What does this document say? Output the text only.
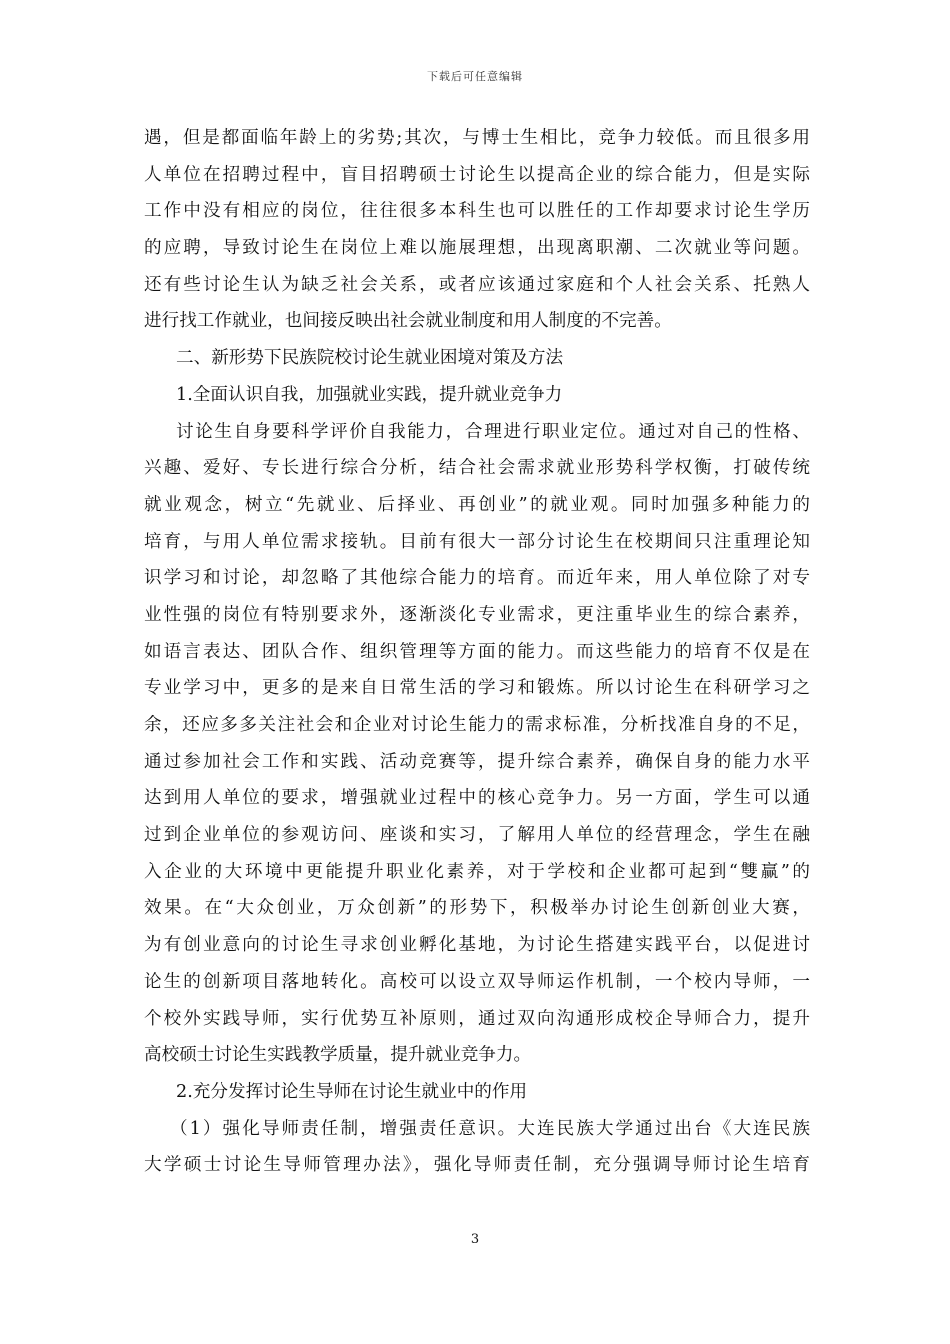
下载后可任意编辑
遇，但是都面临年龄上的劣势;其次，与博士生相比，竞争力较低。而且很多用
人单位在招聘过程中，盲目招聘硕士讨论生以提高企业的综合能力，但是实际
工作中没有相应的岗位，往往很多本科生也可以胜任的工作却要求讨论生学历
的应聘，导致讨论生在岗位上难以施展理想，出现离职潮、二次就业等问题。
还有些讨论生认为缺乏社会关系，或者应该通过家庭和个人社会关系、托熟人
进行找工作就业，也间接反映出社会就业制度和用人制度的不完善。
二、新形势下民族院校讨论生就业困境对策及方法
1.全面认识自我，加强就业实践，提升就业竞争力
讨论生自身要科学评价自我能力，合理进行职业定位。通过对自己的性格、
兴趣、爱好、专长进行综合分析，结合社会需求就业形势科学权衡，打破传统
就业观念，树立“先就业、后择业、再创业”的就业观。同时加强多种能力的
培育，与用人单位需求接轨。目前有很大一部分讨论生在校期间只注重理论知
识学习和讨论，却忽略了其他综合能力的培育。而近年来，用人单位除了对专
业性强的岗位有特别要求外，逐渐淡化专业需求，更注重毕业生的综合素养，
如语言表达、团队合作、组织管理等方面的能力。而这些能力的培育不仅是在
专业学习中，更多的是来自日常生活的学习和锻炼。所以讨论生在科研学习之
余，还应多多关注社会和企业对讨论生能力的需求标准，分析找准自身的不足，
通过参加社会工作和实践、活动竞赛等，提升综合素养，确保自身的能力水平
达到用人单位的要求，增强就业过程中的核心竞争力。另一方面，学生可以通
过到企业单位的参观访问、座谈和实习，了解用人单位的经营理念，学生在融
入企业的大环境中更能提升职业化素养，对于学校和企业都可起到“雙赢”的
效果。在“大众创业，万众创新”的形势下，积极举办讨论生创新创业大赛，
为有创业意向的讨论生寻求创业孵化基地，为讨论生搭建实践平台，以促进讨
论生的创新项目落地转化。高校可以设立双导师运作机制，一个校内导师，一
个校外实践导师，实行优势互补原则，通过双向沟通形成校企导师合力，提升
高校硕士讨论生实践教学质量，提升就业竞争力。
2.充分发挥讨论生导师在讨论生就业中的作用
（1）强化导师责任制，增强责任意识。大连民族大学通过出台《大连民族
大学硕士讨论生导师管理办法》，强化导师责任制，充分强调导师讨论生培育
3
